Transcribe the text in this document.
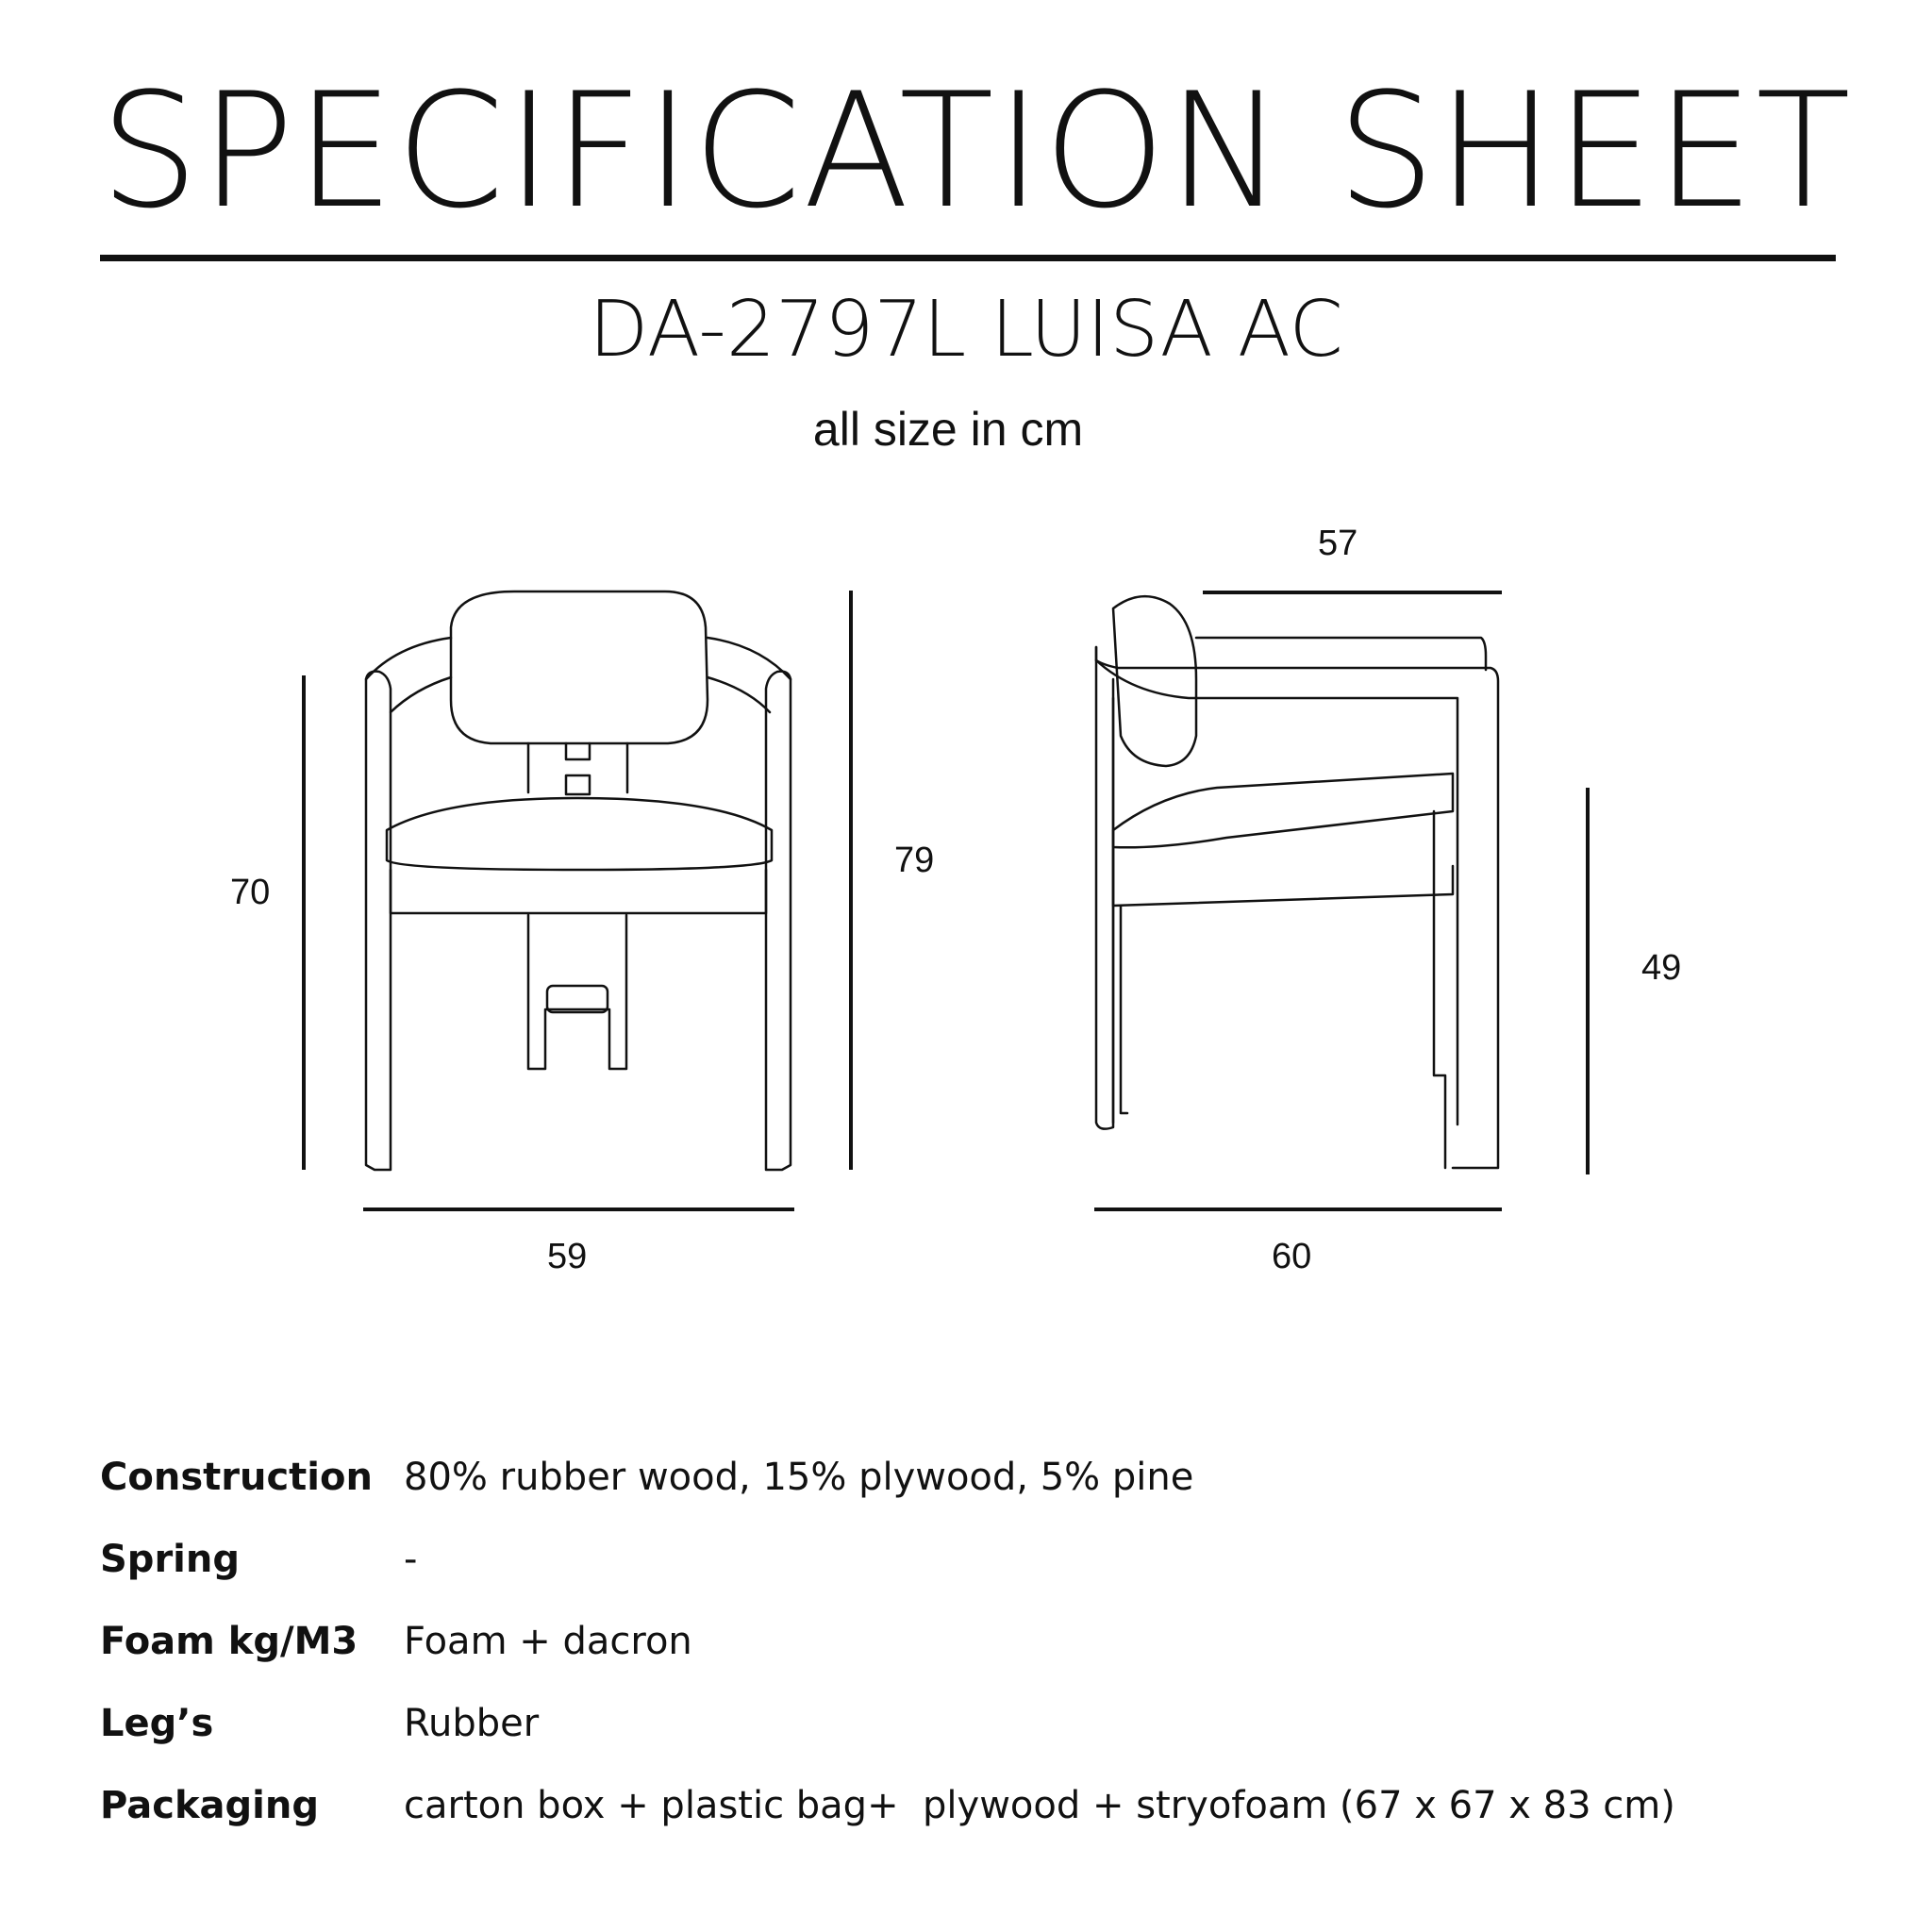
SPECIFICATION SHEET
DA-2797L LUISA AC
all size in cm
70
79
59
57
60
49
Construction 80% rubber wood, 15% plywood, 5% pine
Spring	-
Foam kg/M3	Foam + dacron
Leg’s	Rubber
Packaging	carton box + plastic bag+  plywood + stryofoam (67 x 67 x 83 cm)
